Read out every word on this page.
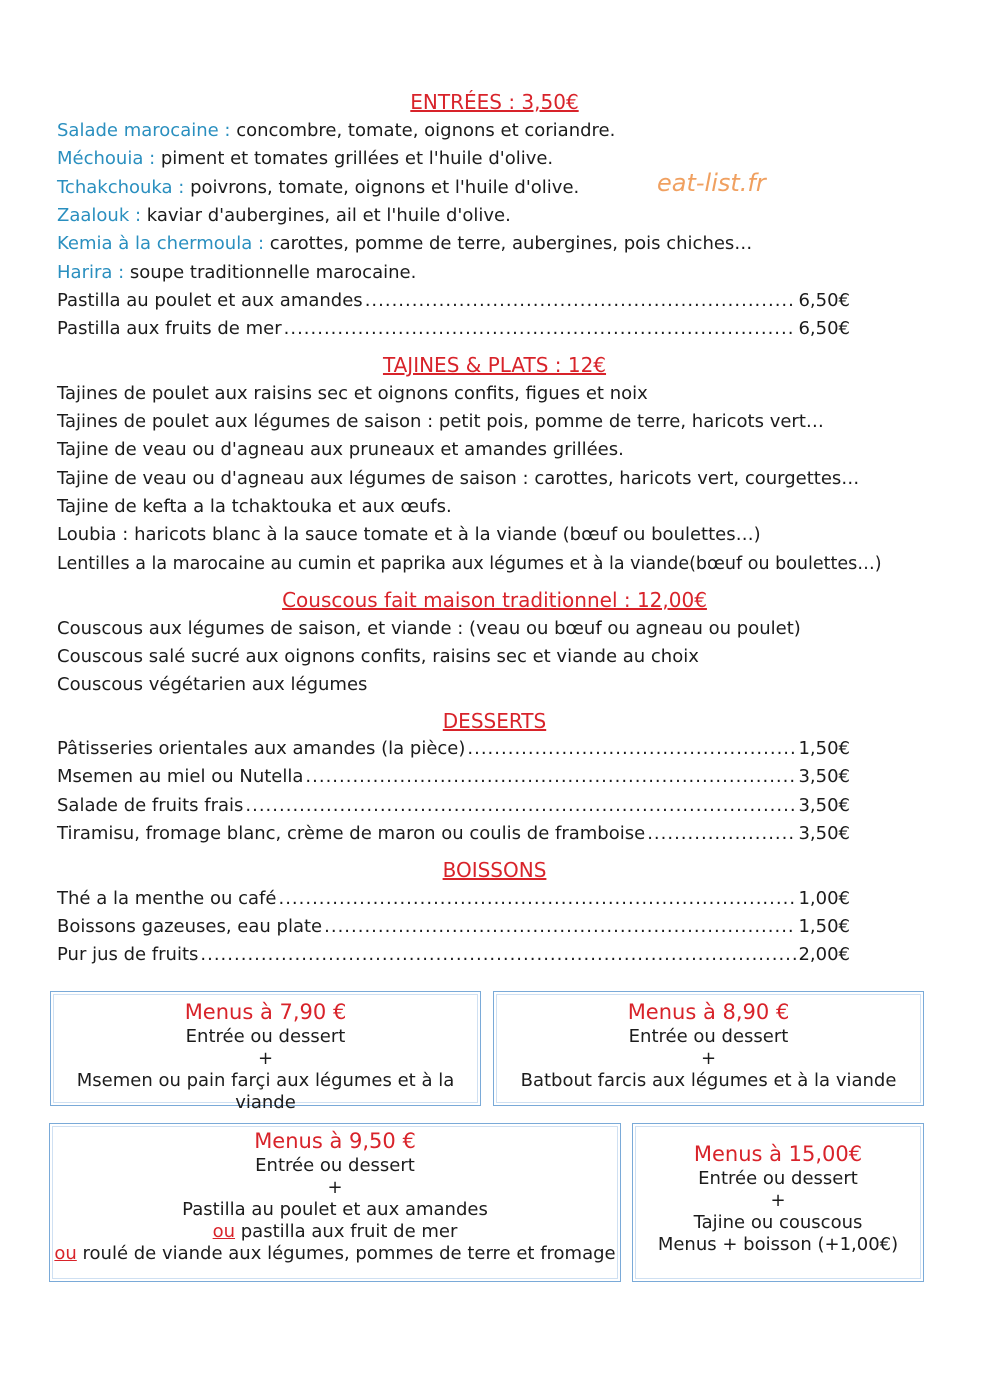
eat-list.fr
ENTRÉES : 3,50€
Salade marocaine : concombre, tomate, oignons et coriandre.
Méchouia : piment et tomates grillées et l'huile d'olive.
Tchakchouka : poivrons, tomate, oignons et l'huile d'olive.
Zaalouk : kaviar d'aubergines, ail et l'huile d'olive.
Kemia à la chermoula : carottes, pomme de terre, aubergines, pois chiches…
Harira : soupe traditionnelle marocaine.
Pastilla au poulet et aux amandes .....	6,50€
Pastilla aux fruits de mer .....	6,50€
TAJINES & PLATS : 12€
Tajines de poulet aux raisins sec et oignons confits, figues et noix
Tajines de poulet aux légumes de saison : petit pois, pomme de terre, haricots vert…
Tajine de veau ou d'agneau aux pruneaux et amandes grillées.
Tajine de veau ou d'agneau aux légumes de saison : carottes, haricots vert, courgettes…
Tajine de kefta a la tchaktouka et aux œufs.
Loubia : haricots blanc à la sauce tomate et à la viande (bœuf ou boulettes…)
Lentilles a la marocaine au cumin et paprika aux légumes et à la viande(bœuf ou boulettes…)
Couscous fait maison traditionnel : 12,00€
Couscous aux légumes de saison, et viande : (veau ou bœuf ou agneau ou poulet)
Couscous salé sucré aux oignons confits, raisins sec et viande au choix
Couscous végétarien aux légumes
DESSERTS
Pâtisseries orientales aux amandes (la pièce) .....	1,50€
Msemen au miel ou Nutella .....	3,50€
Salade de fruits frais .....	3,50€
Tiramisu, fromage blanc, crème de maron ou coulis de framboise .....	3,50€
BOISSONS
Thé a la menthe ou café .....	1,00€
Boissons gazeuses, eau plate .....	1,50€
Pur jus de fruits .....	2,00€
Menus à 7,90 €
Entrée ou dessert
+
Msemen ou pain farçi aux légumes et à la viande
Menus à 8,90 €
Entrée ou dessert
+
Batbout farcis aux légumes et à la viande
Menus à 9,50 €
Entrée ou dessert
+
Pastilla au poulet et aux amandes
ou pastilla aux fruit de mer
ou roulé de viande aux légumes, pommes de terre et fromage
Menus à 15,00€
Entrée ou dessert
+
Tajine ou couscous
Menus + boisson (+1,00€)
